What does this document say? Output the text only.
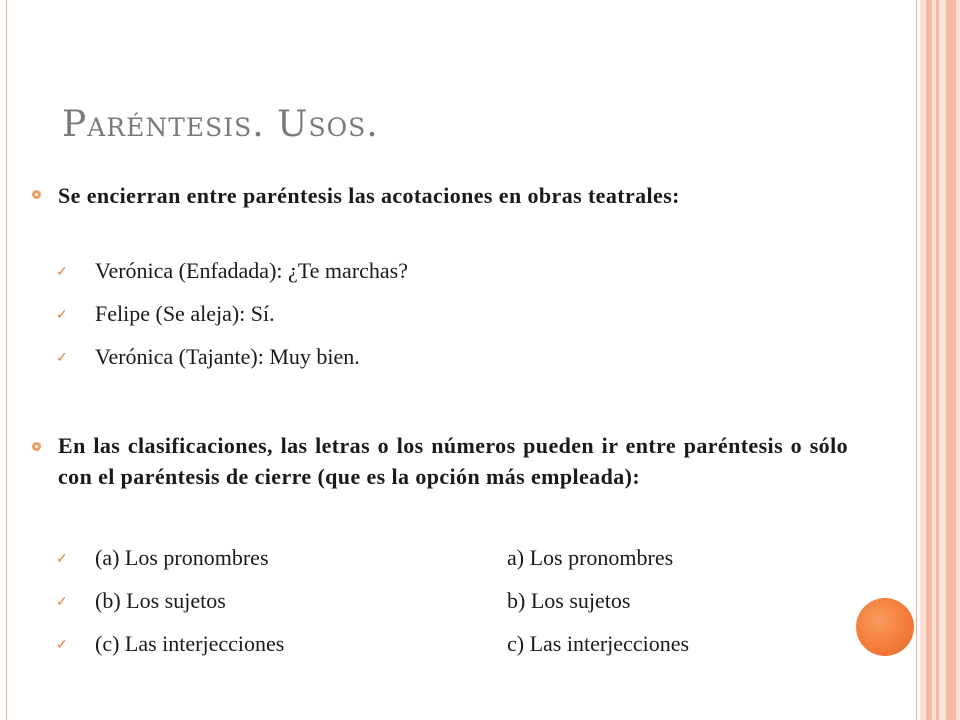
Paréntesis. Usos.
Se encierran entre paréntesis las acotaciones en obras teatrales:
✓ Verónica (Enfadada): ¿Te marchas?
✓ Felipe (Se aleja): Sí.
✓ Verónica (Tajante): Muy bien.
En las clasificaciones, las letras o los números pueden ir entre paréntesis o sólo con el paréntesis de cierre (que es la opción más empleada):
✓ (a) Los pronombres	a) Los pronombres
✓ (b) Los sujetos	b) Los sujetos
✓ (c) Las interjecciones	c) Las interjecciones
